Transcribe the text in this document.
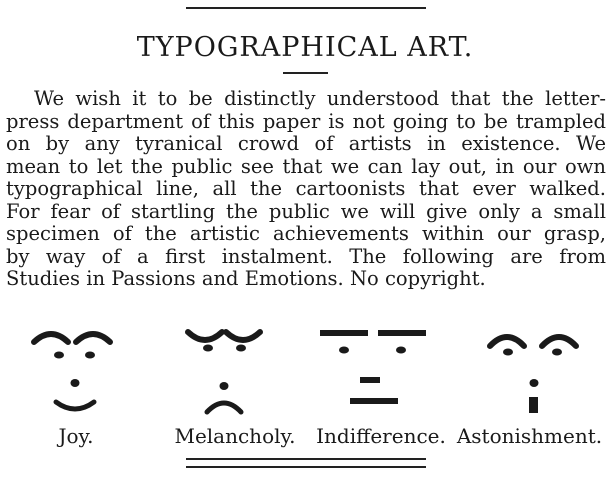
TYPOGRAPHICAL ART.
We wish it to be distinctly understood that the letter-
press department of this paper is not going to be trampled
on by any tyranical crowd of artists in existence. We
mean to let the public see that we can lay out, in our own
typographical line, all the cartoonists that ever walked.
For fear of startling the public we will give only a small
specimen of the artistic achievements within our grasp,
by way of a first instalment. The following are from
Studies in Passions and Emotions. No copyright.
Joy.	Melancholy.	Indifference. Astonishment.
